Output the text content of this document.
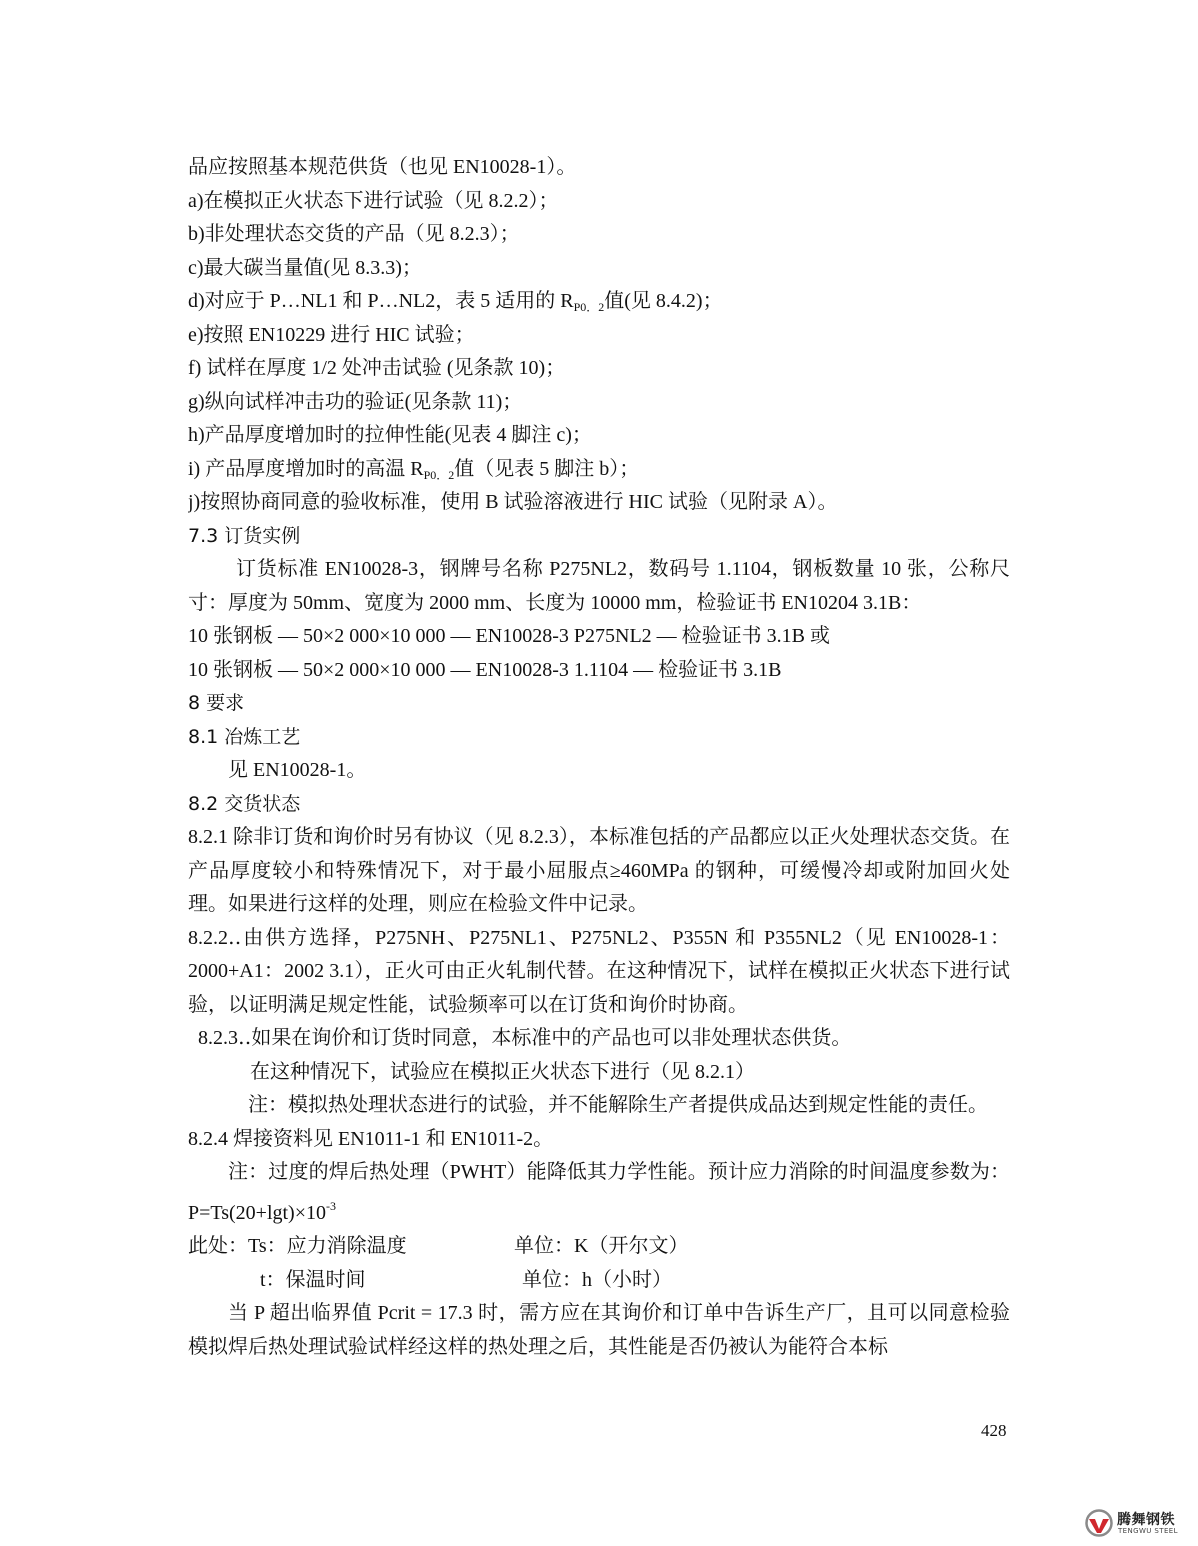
品应按照基本规范供货（也见 EN10028-1）。
a)在模拟正火状态下进行试验（见 8.2.2）；
b)非处理状态交货的产品（见 8.2.3）；
c)最大碳当量值(见 8.3.3)；
d)对应于 P…NL1 和 P…NL2，表 5 适用的 $R_{P0.2}$值(见 8.4.2)；
e)按照 EN10229 进行 HIC 试验；
f) 试样在厚度 1/2 处冲击试验 (见条款 10)；
g)纵向试样冲击功的验证(见条款 11)；
h)产品厚度增加时的拉伸性能(见表 4 脚注 c)；
i) 产品厚度增加时的高温 $R_{P0.2}$值（见表 5 脚注 b）；
j)按照协商同意的验收标准，使用 B 试验溶液进行 HIC 试验（见附录 A）。
7.3 订货实例
订货标准 EN10028-3，钢牌号名称 P275NL2，数码号 1.1104，钢板数量 10 张，公称尺寸：厚度为 50mm、宽度为 2000 mm、长度为 10000 mm，检验证书 EN10204 3.1B：
10 张钢板 — 50×2 000×10 000 — EN10028-3 P275NL2 — 检验证书 3.1B 或
10 张钢板 — 50×2 000×10 000 — EN10028-3 1.1104 — 检验证书 3.1B
8 要求
8.1 冶炼工艺
见 EN10028-1。
8.2 交货状态
8.2.1 除非订货和询价时另有协议（见 8.2.3），本标准包括的产品都应以正火处理状态交货。在产品厚度较小和特殊情况下，对于最小屈服点≥460MPa 的钢种，可缓慢冷却或附加回火处理。如果进行这样的处理，则应在检验文件中记录。
8.2.2‥由供方选择，P275NH、P275NL1、P275NL2、P355N 和 P355NL2（见 EN10028-1：2000+A1：2002 3.1），正火可由正火轧制代替。在这种情况下，试样在模拟正火状态下进行试验，以证明满足规定性能，试验频率可以在订货和询价时协商。
8.2.3‥如果在询价和订货时同意，本标准中的产品也可以非处理状态供货。
在这种情况下，试验应在模拟正火状态下进行（见 8.2.1）
注：模拟热处理状态进行的试验，并不能解除生产者提供成品达到规定性能的责任。
8.2.4 焊接资料见 EN1011-1 和 EN1011-2。
注：过度的焊后热处理（PWHT）能降低其力学性能。预计应力消除的时间温度参数为：$P=Ts(20+\lg t)\times 10^{-3}$
此处：Ts：应力消除温度	单位：K（开尔文）
t：保温时间	单位：h（小时）
当 P 超出临界值 Pcrit = 17.3 时，需方应在其询价和订单中告诉生产厂，且可以同意检验模拟焊后热处理试验试样经这样的热处理之后，其性能是否仍被认为能符合本标
428
腾舞钢铁
TENGWU STEEL
